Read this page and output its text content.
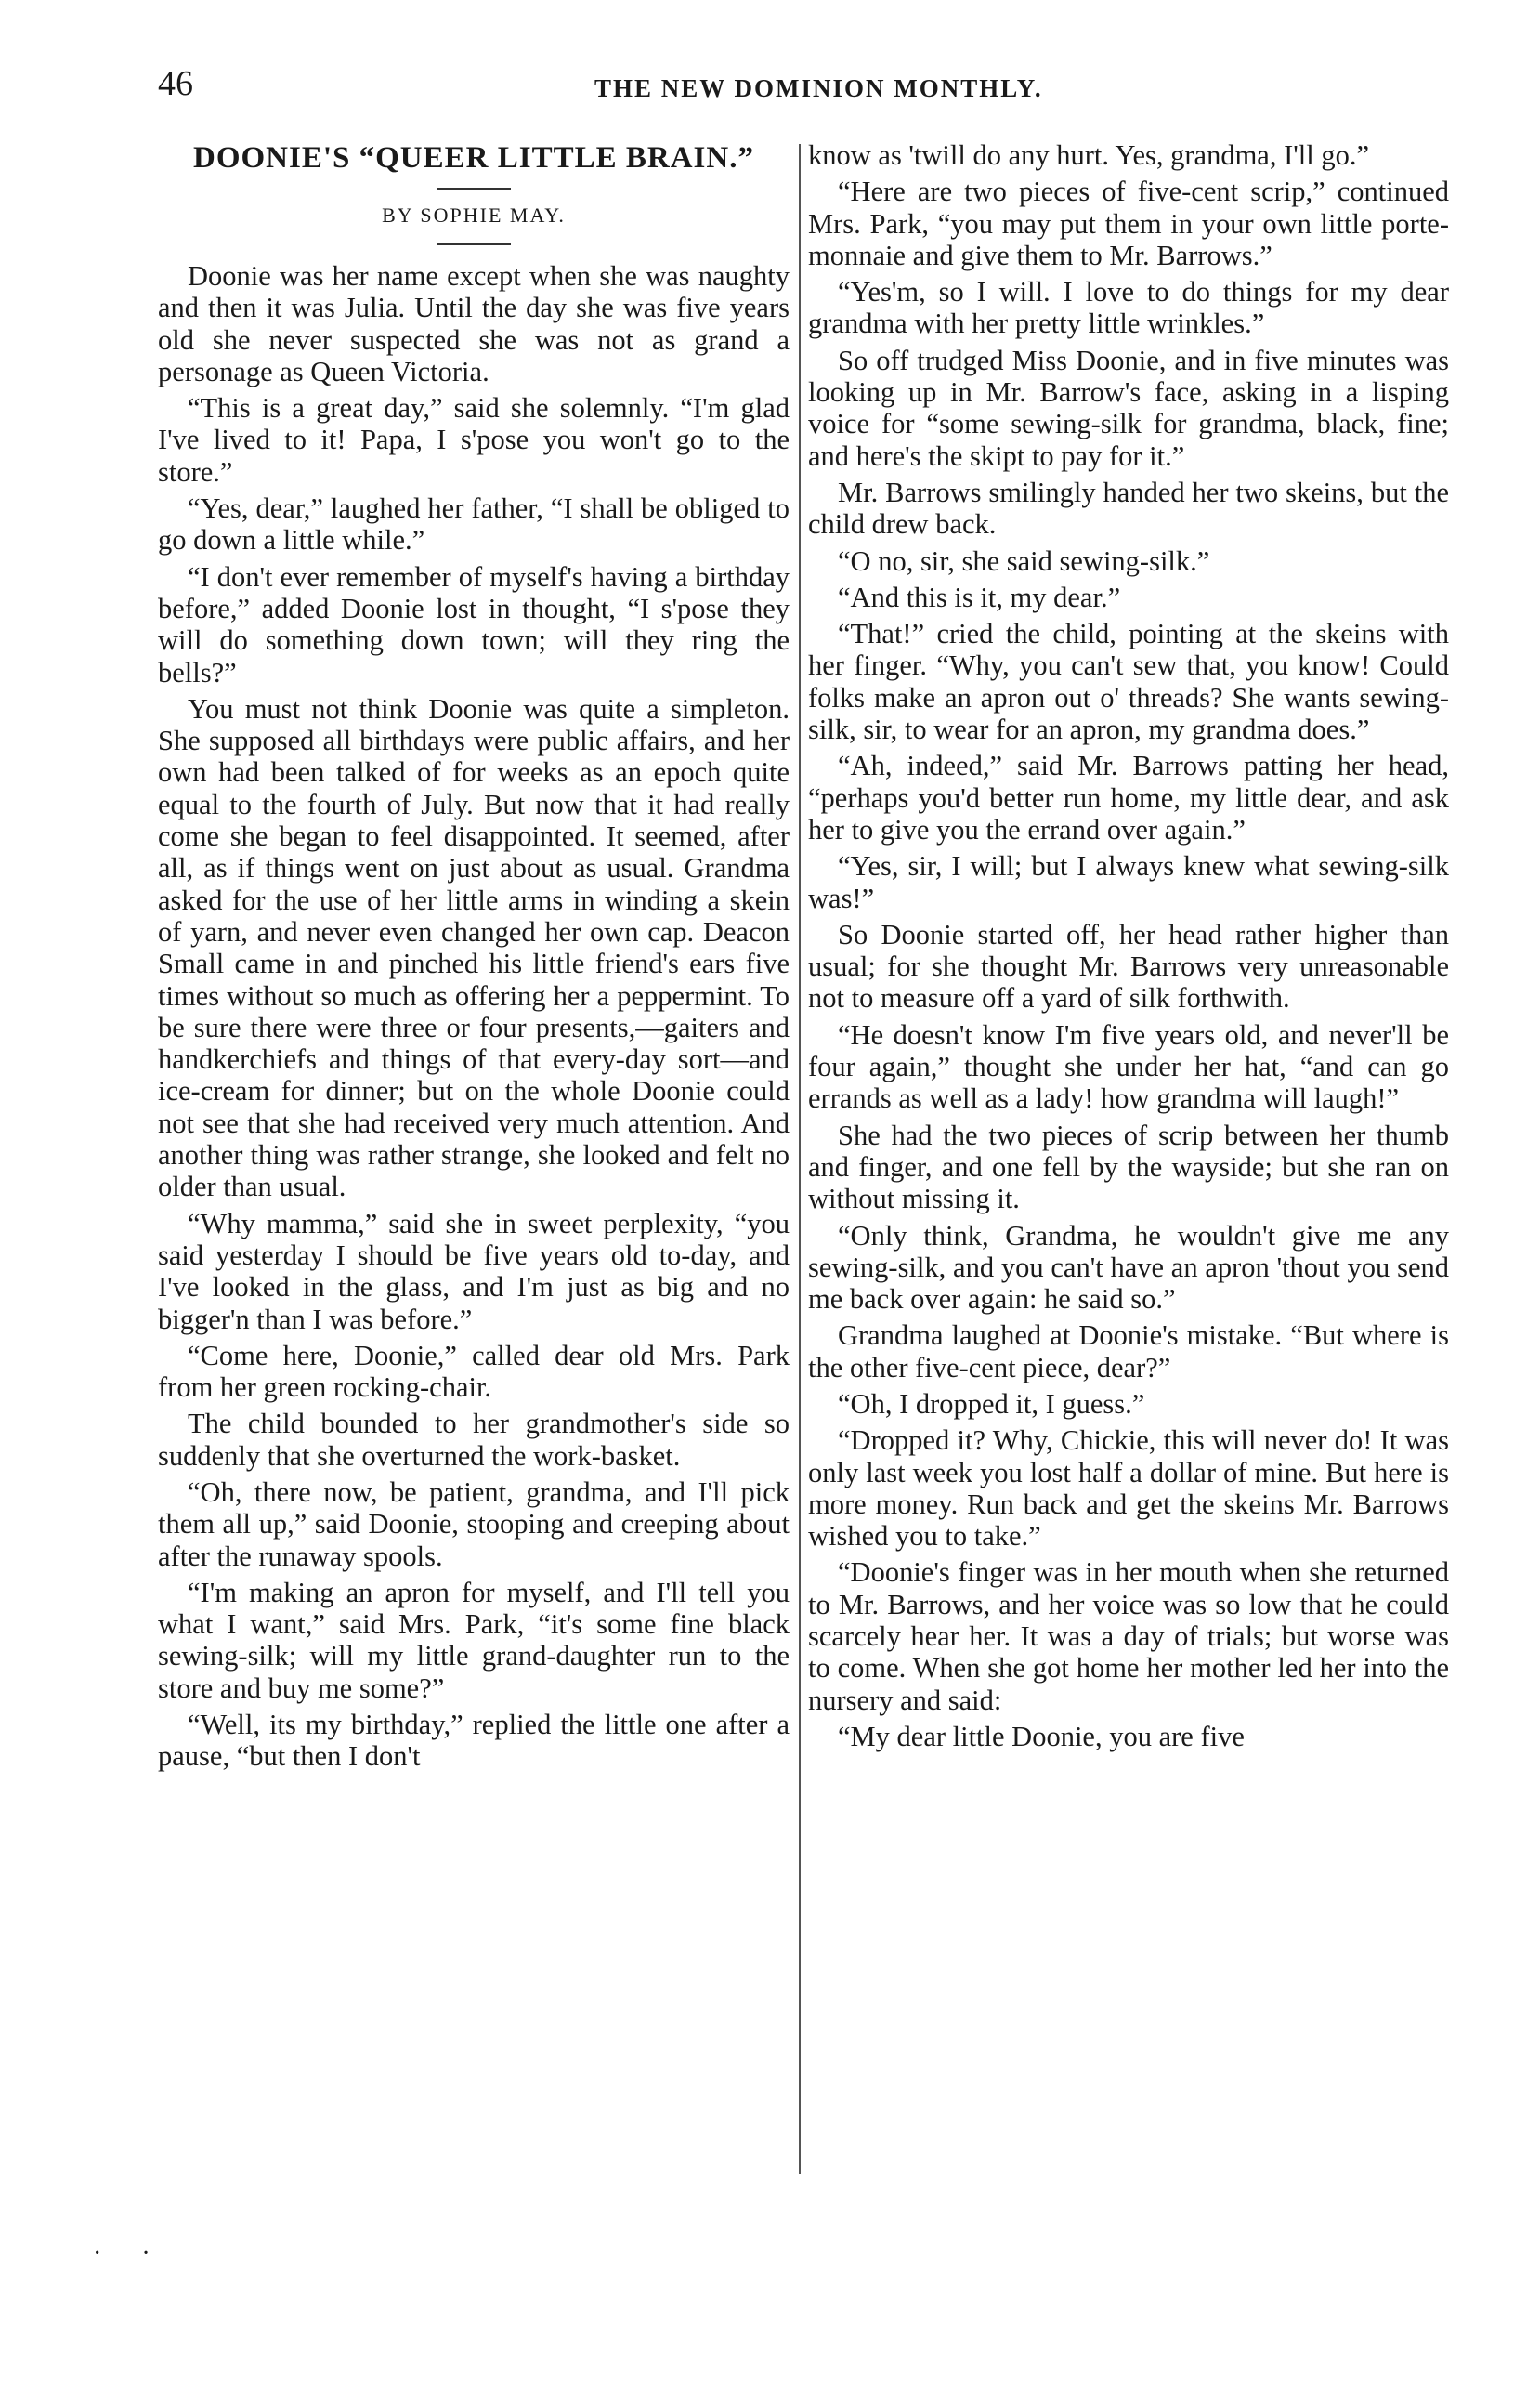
46	THE NEW DOMINION MONTHLY.
DOONIE'S “QUEER LITTLE BRAIN.”
BY SOPHIE MAY.

Doonie was her name except when she was naughty and then it was Julia. Until the day she was five years old she never suspected she was not as grand a personage as Queen Victoria.

“This is a great day,” said she solemnly. “I'm glad I've lived to it! Papa, I s'pose you won't go to the store.”

“Yes, dear,” laughed her father, “I shall be obliged to go down a little while.”

“I don't ever remember of myself's having a birthday before,” added Doonie lost in thought, “I s'pose they will do something down town; will they ring the bells?”

You must not think Doonie was quite a simpleton. She supposed all birthdays were public affairs, and her own had been talked of for weeks as an epoch quite equal to the fourth of July. But now that it had really come she began to feel disappointed. It seemed, after all, as if things went on just about as usual. Grandma asked for the use of her little arms in winding a skein of yarn, and never even changed her own cap. Deacon Small came in and pinched his little friend's ears five times without so much as offering her a peppermint. To be sure there were three or four presents,—gaiters and handkerchiefs and things of that every-day sort—and ice-cream for dinner; but on the whole Doonie could not see that she had received very much attention. And another thing was rather strange, she looked and felt no older than usual.

“Why mamma,” said she in sweet perplexity, “you said yesterday I should be five years old to-day, and I've looked in the glass, and I'm just as big and no bigger'n than I was before.”

“Come here, Doonie,” called dear old Mrs. Park from her green rocking-chair.

The child bounded to her grandmother's side so suddenly that she overturned the work-basket.

“Oh, there now, be patient, grandma, and I'll pick them all up,” said Doonie, stooping and creeping about after the runaway spools.

“I'm making an apron for myself, and I'll tell you what I want,” said Mrs. Park, “it's some fine black sewing-silk; will my little grand-daughter run to the store and buy me some?”

“Well, its my birthday,” replied the little one after a pause, “but then I don't

know as 'twill do any hurt. Yes, grandma, I'll go.”

“Here are two pieces of five-cent scrip,” continued Mrs. Park, “you may put them in your own little porte-monnaie and give them to Mr. Barrows.”

“Yes'm, so I will. I love to do things for my dear grandma with her pretty little wrinkles.”

So off trudged Miss Doonie, and in five minutes was looking up in Mr. Barrow's face, asking in a lisping voice for “some sewing-silk for grandma, black, fine; and here's the skipt to pay for it.”

Mr. Barrows smilingly handed her two skeins, but the child drew back.

“O no, sir, she said sewing-silk.”

“And this is it, my dear.”

“That!” cried the child, pointing at the skeins with her finger. “Why, you can't sew that, you know! Could folks make an apron out o' threads? She wants sewing-silk, sir, to wear for an apron, my grandma does.”

“Ah, indeed,” said Mr. Barrows patting her head, “perhaps you'd better run home, my little dear, and ask her to give you the errand over again.”

“Yes, sir, I will; but I always knew what sewing-silk was!”

So Doonie started off, her head rather higher than usual; for she thought Mr. Barrows very unreasonable not to measure off a yard of silk forthwith.

“He doesn't know I'm five years old, and never'll be four again,” thought she under her hat, “and can go errands as well as a lady! how grandma will laugh!”

She had the two pieces of scrip between her thumb and finger, and one fell by the wayside; but she ran on without missing it.

“Only think, Grandma, he wouldn't give me any sewing-silk, and you can't have an apron 'thout you send me back over again: he said so.”

Grandma laughed at Doonie's mistake. “But where is the other five-cent piece, dear?”

“Oh, I dropped it, I guess.”

“Dropped it? Why, Chickie, this will never do! It was only last week you lost half a dollar of mine. But here is more money. Run back and get the skeins Mr. Barrows wished you to take.”

“Doonie's finger was in her mouth when she returned to Mr. Barrows, and her voice was so low that he could scarcely hear her. It was a day of trials; but worse was to come. When she got home her mother led her into the nursery and said:

“My dear little Doonie, you are five

· ·
